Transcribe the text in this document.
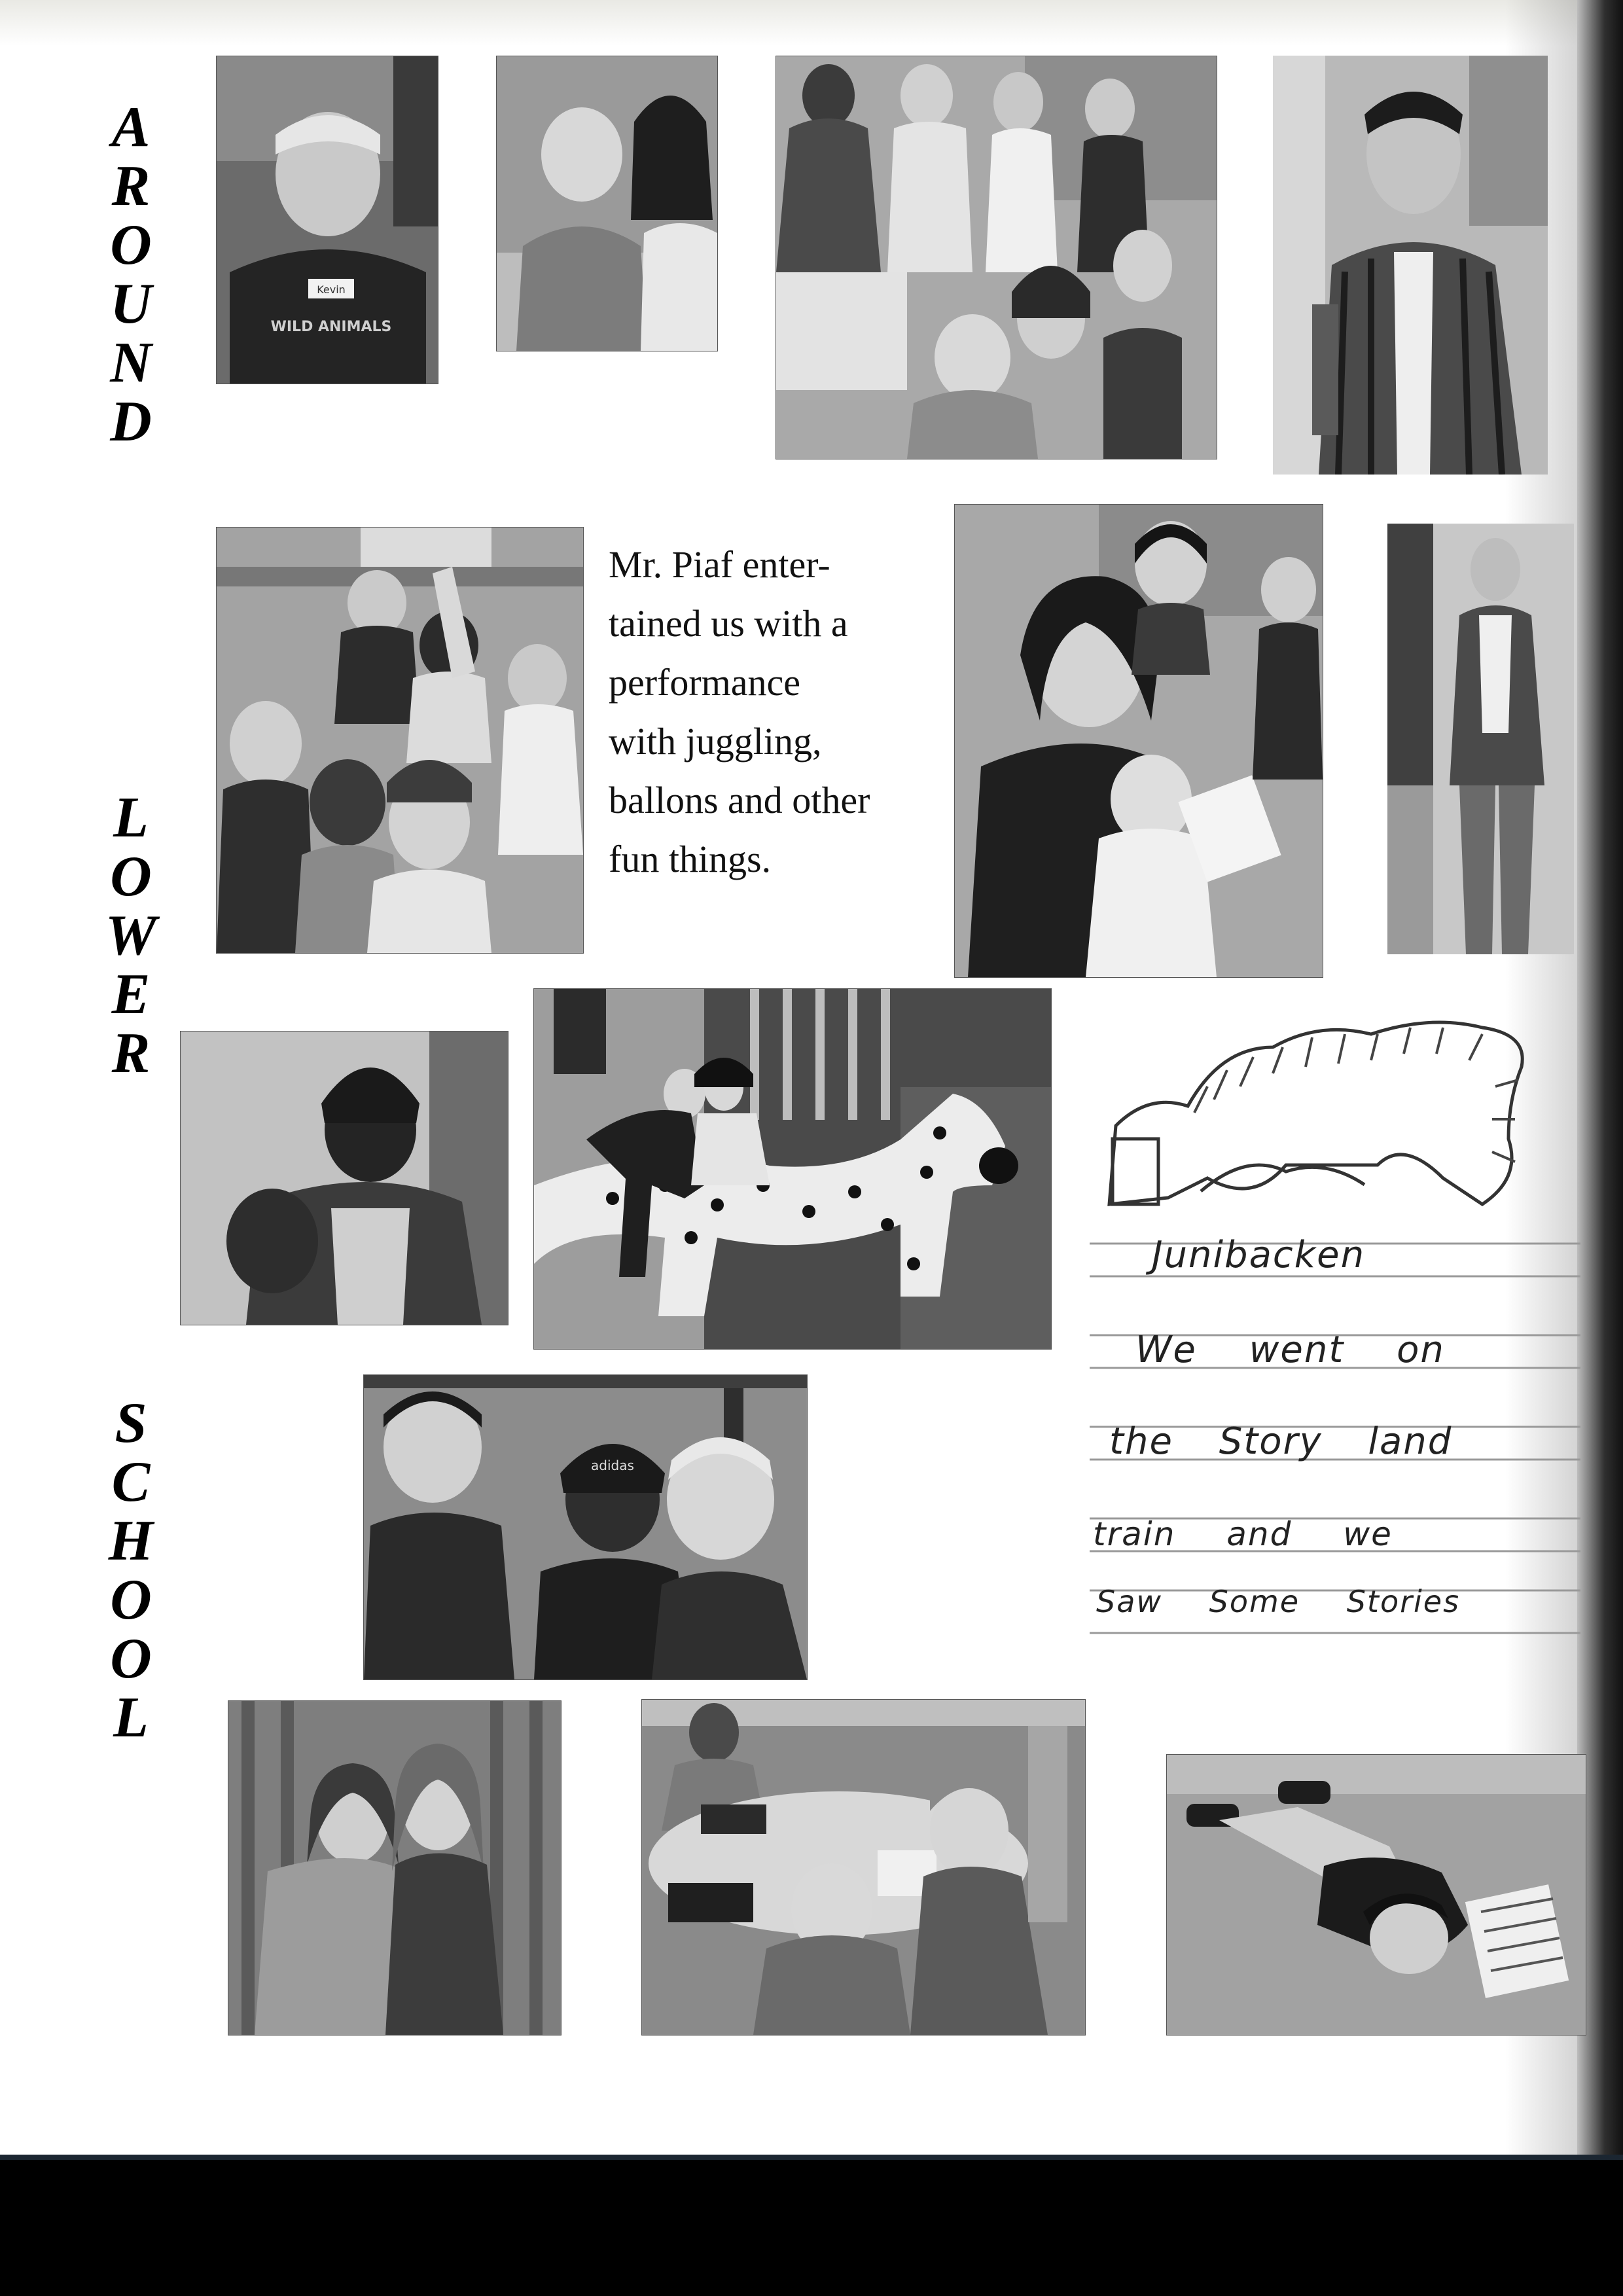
A
R
O
U
N
D
L
O
W
E
R
S
C
H
O
O
L
Kevin
WILD ANIMALS
Mr. Piaf enter-
tained us with a
performance
with juggling,
ballons and other
fun things.
Junibacken
We went on
the Story land
train and we
Saw Some Stories
adidas
